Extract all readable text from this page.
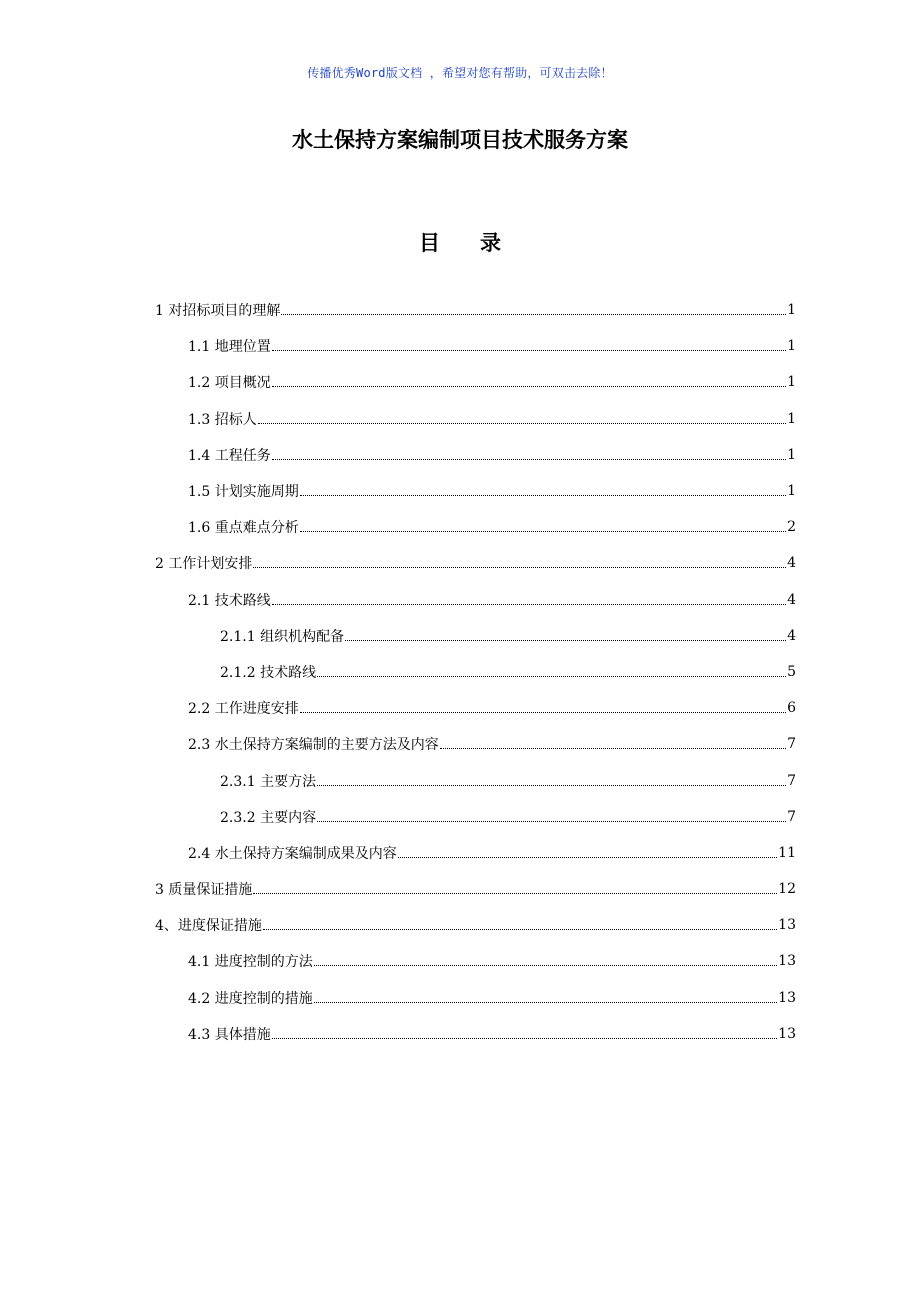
传播优秀Word版文档 ，希望对您有帮助，可双击去除！
水土保持方案编制项目技术服务方案
目录
1 对招标项目的理解	1
1.1 地理位置	1
1.2 项目概况	1
1.3 招标人	1
1.4 工程任务	1
1.5 计划实施周期	1
1.6 重点难点分析	2
2 工作计划安排	4
2.1 技术路线	4
2.1.1 组织机构配备	4
2.1.2 技术路线	5
2.2 工作进度安排	6
2.3 水土保持方案编制的主要方法及内容	7
2.3.1 主要方法	7
2.3.2 主要内容	7
2.4 水土保持方案编制成果及内容	11
3 质量保证措施	12
4、进度保证措施	13
4.1 进度控制的方法	13
4.2 进度控制的措施	13
4.3 具体措施	13
